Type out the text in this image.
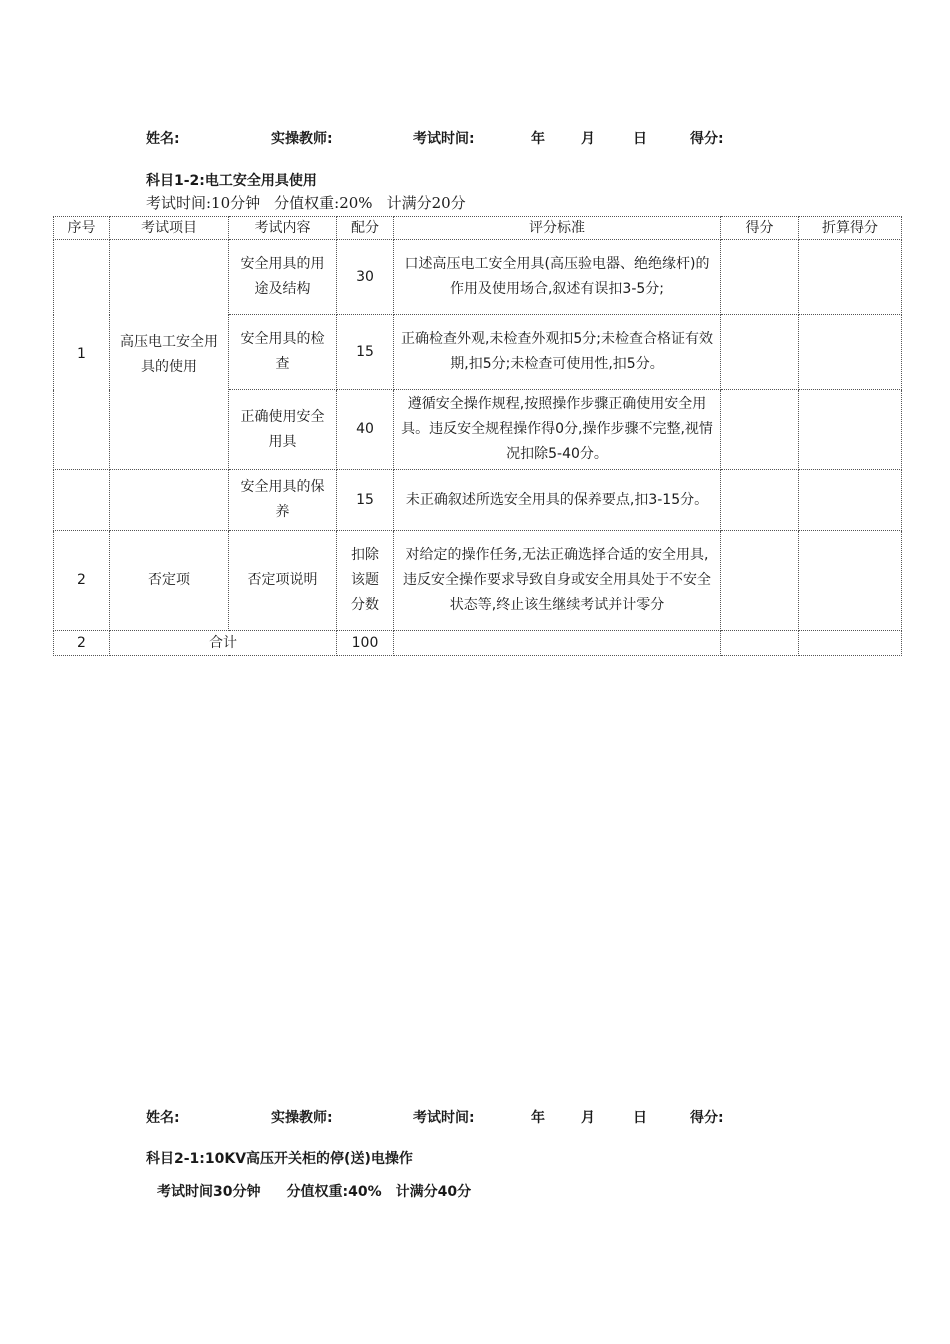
姓名:	实操教师:	考试时间:	年	月	日	得分:
科目1-2:电工安全用具使用
考试时间:10分钟 分值权重:20% 计满分20分
序号	考试项目	考试内容	配分	评分标准	得分	折算得分
1	高压电工安全用具的使用	安全用具的用途及结构	30	口述高压电工安全用具(高压验电器、绝绝缘杆)的作用及使用场合,叙述有误扣3-5分;		
		安全用具的检查	15	正确检查外观,未检查外观扣5分;未检查合格证有效期,扣5分;未检查可使用性,扣5分。		
		正确使用安全用具	40	遵循安全操作规程,按照操作步骤正确使用安全用具。违反安全规程操作得0分,操作步骤不完整,视情况扣除5-40分。		
		安全用具的保养	15	未正确叙述所选安全用具的保养要点,扣3-15分。		
2	否定项	否定项说明	扣除该题分数	对给定的操作任务,无法正确选择合适的安全用具,违反安全操作要求导致自身或安全用具处于不安全状态等,终止该生继续考试并计零分		
2	合计		100			
姓名:	实操教师:	考试时间:	年	月	日	得分:
科目2-1:10KV高压开关柜的停(送)电操作
考试时间30分钟 分值权重:40% 计满分40分
